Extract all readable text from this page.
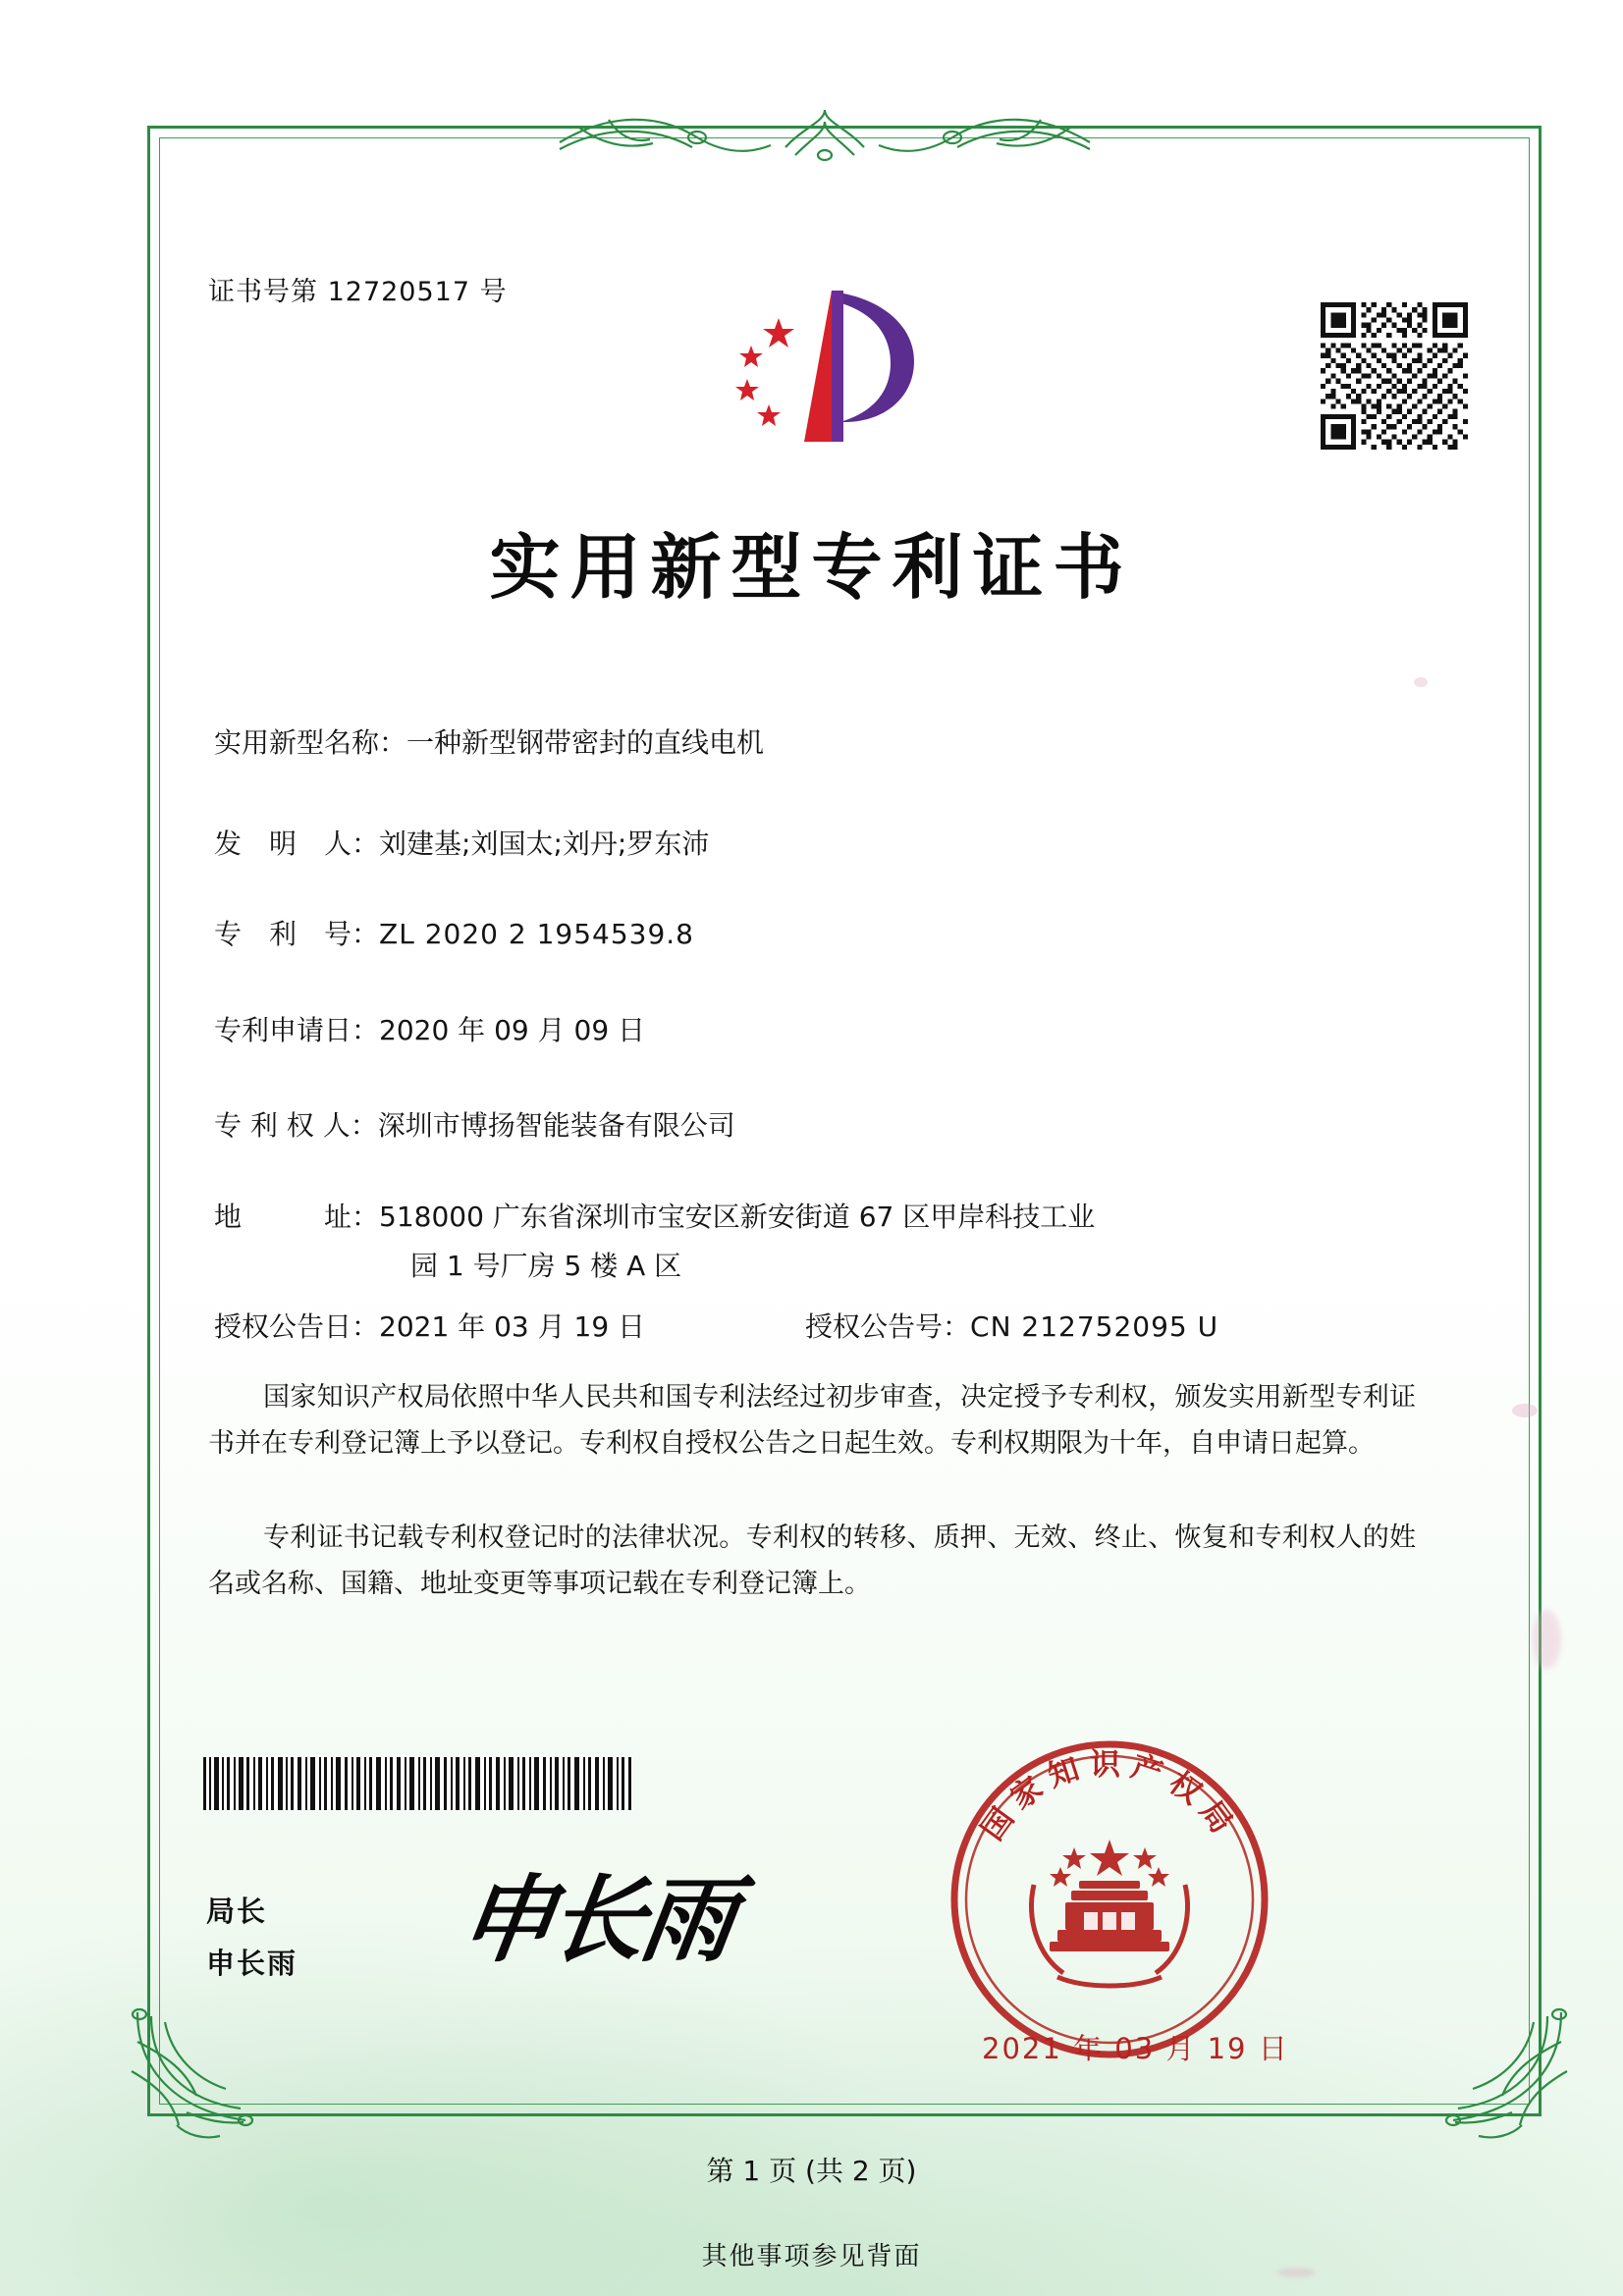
证书号第 12720517 号
实用新型专利证书
实用新型名称：一种新型钢带密封的直线电机
发　明　人：刘建基;刘国太;刘丹;罗东沛
专　利　号：ZL 2020 2 1954539.8
专利申请日：2020 年 09 月 09 日
专 利 权 人：深圳市博扬智能装备有限公司
地　　　址：518000 广东省深圳市宝安区新安街道 67 区甲岸科技工业
园 1 号厂房 5 楼 A 区
授权公告日：2021 年 03 月 19 日	授权公告号：CN 212752095 U
国家知识产权局依照中华人民共和国专利法经过初步审查，决定授予专利权，颁发实用新型专利证书并在专利登记簿上予以登记。专利权自授权公告之日起生效。专利权期限为十年，自申请日起算。
专利证书记载专利权登记时的法律状况。专利权的转移、质押、无效、终止、恢复和专利权人的姓名或名称、国籍、地址变更等事项记载在专利登记簿上。
局长
申长雨 申长雨
国家知识产权局
2021 年 03 月 19 日
第 1 页 (共 2 页)
其他事项参见背面
